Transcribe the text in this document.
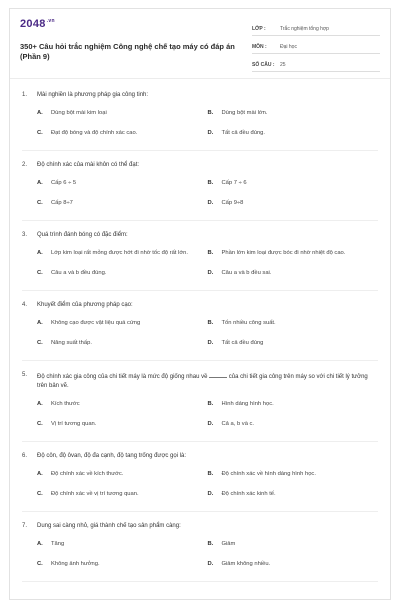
$2048^{.vn}$
350+ Câu hỏi trắc nghiệm Công nghệ chế tạo máy có đáp án (Phần 9)
LỚP :	Trắc nghiệm tổng hợp
MÔN :	Đại học
SỐ CÂU :	25
1.	Mài nghiền là phương pháp gia công tinh:
A.	Dùng bột mài kim loại	B.	Dùng bột mài lớn.
C.	Đạt độ bóng và độ chính xác cao.	D.	Tất cả đều đúng.
2.	Độ chính xác của mài khôn có thể đạt:
A.	Cấp 6 ÷ 5	B.	Cấp 7 ÷ 6
C.	Cấp 8÷7	D.	Cấp 9÷8
3.	Quá trình đánh bóng có đặc điểm:
A.	Lớp kim loại rất mỏng được hớt đi nhờ tốc độ rất lớn.	B.	Phần lớn kim loại được bóc đi nhờ nhiệt độ cao.
C.	Câu a và b đều đúng.	D.	Câu a và b đều sai.
4.	Khuyết điểm của phương pháp cạo:
A.	Không cạo được vật liệu quá cứng	B.	Tốn nhiều công suất.
C.	Năng suất thấp.	D.	Tất cả đều đúng
5.	Độ chính xác gia công của chi tiết máy là mức độ giống nhau về	của chi tiết gia công trên máy so với chi tiết lý tưởng trên bản vẽ.
A.	Kích thước	B.	Hình dáng hình học.
C.	Vị trí tương quan.	D.	Cả a, b và c.
6.	Độ côn, độ ôvan, độ đa cạnh, độ tang trống được gọi là:
A.	Độ chính xác về kích thước.	B.	Độ chính xác về hình dáng hình học.
C.	Độ chính xác về vị trí tương quan.	D.	Độ chính xác kinh tế.
7.	Dung sai càng nhỏ, giá thành chế tạo sản phẩm càng:
A.	Tăng	B.	Giảm
C.	Không ảnh hưởng.	D.	Giảm không nhiều.
